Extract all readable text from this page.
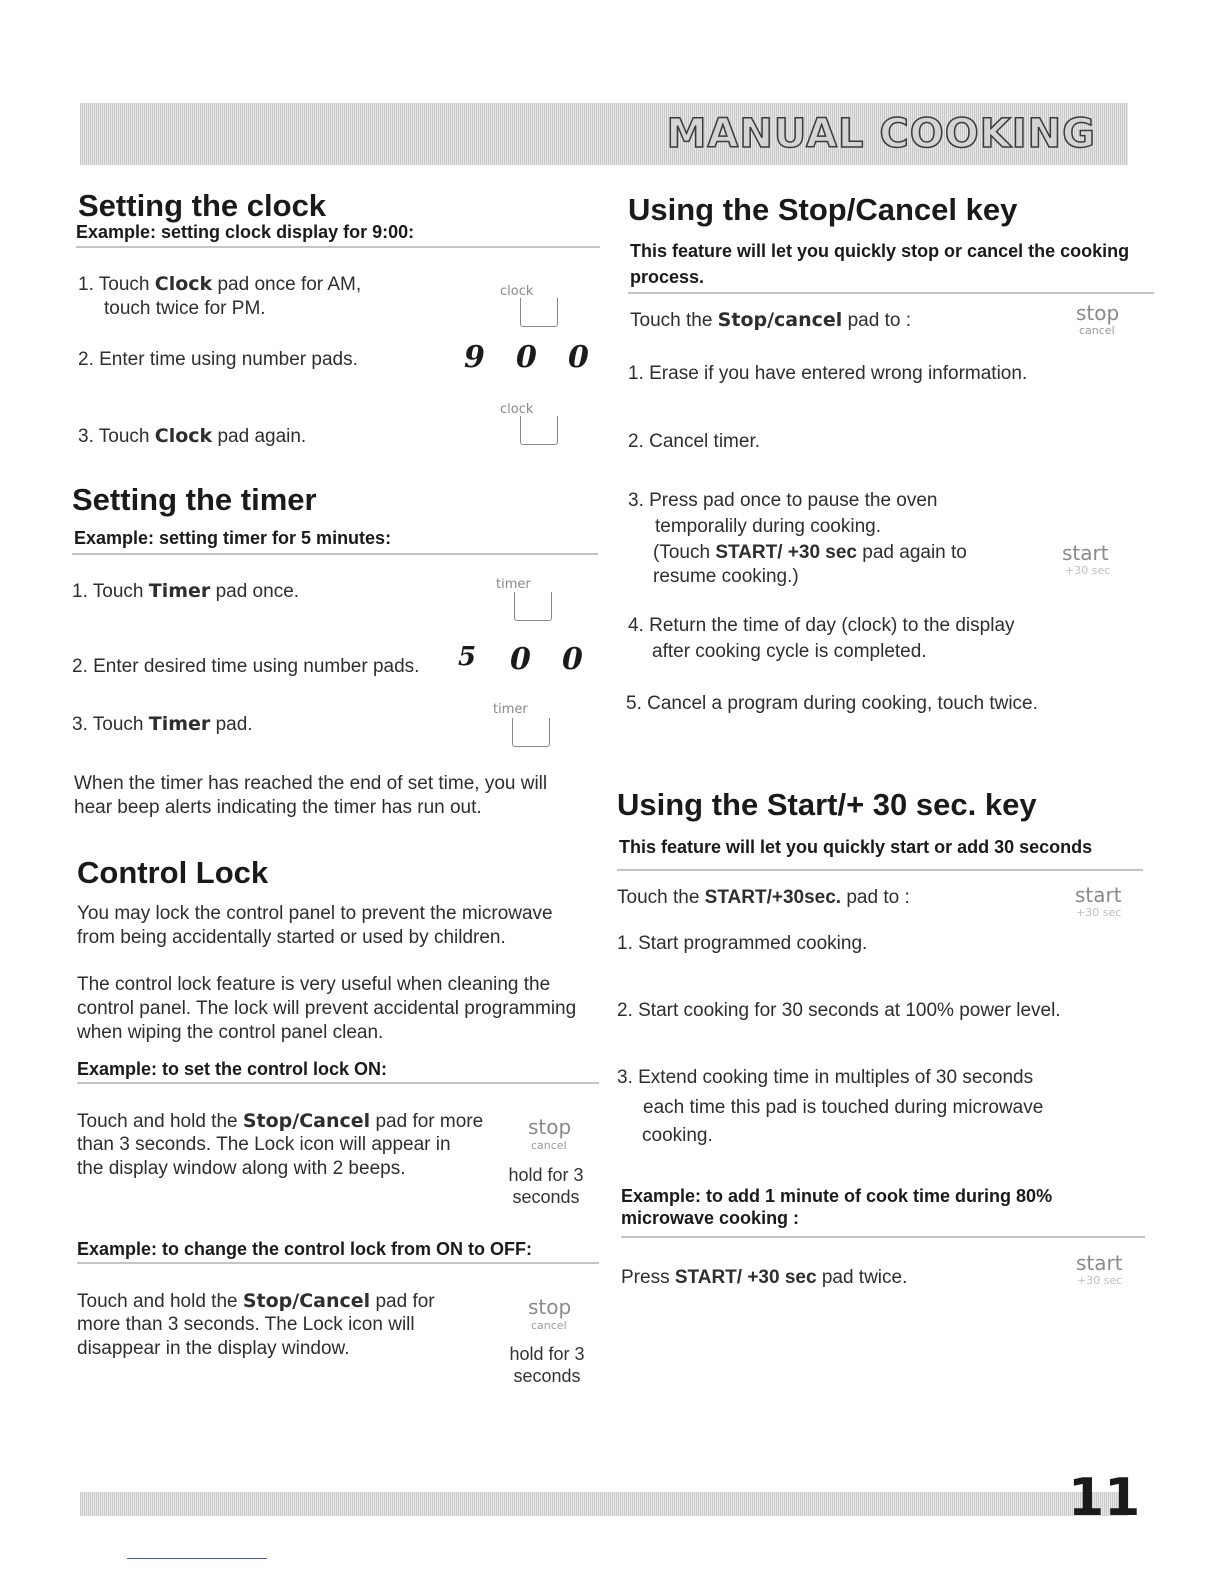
MANUAL COOKING
Setting the clock
Example: setting clock display for 9:00:
1. Touch Clock pad once for AM,
touch twice for PM.
clock
2. Enter time using number pads.	9 0 0
clock
3. Touch Clock pad again.
Setting the timer
Example: setting timer for 5 minutes:
1. Touch Timer pad once.	timer
2. Enter desired time using number pads. 5 0 0
timer
3. Touch Timer pad.
When the timer has reached the end of set time, you will
hear beep alerts indicating the timer has run out.
Control Lock
You may lock the control panel to prevent the microwave
from being accidentally started or used by children.
The control lock feature is very useful when cleaning the
control panel. The lock will prevent accidental programming
when wiping the control panel clean.
Example: to set the control lock ON:
Touch and hold the Stop/Cancel pad for more
than 3 seconds. The Lock icon will appear in
the display window along with 2 beeps.
stop
cancel
hold for 3
seconds
Example: to change the control lock from ON to OFF:
Touch and hold the Stop/Cancel pad for
more than 3 seconds. The Lock icon will
disappear in the display window.
stop
cancel
hold for 3
seconds
Using the Stop/Cancel key
This feature will let you quickly stop or cancel the cooking
process.
Touch the Stop/cancel pad to :	stop
cancel
1. Erase if you have entered wrong information.
2. Cancel timer.
3. Press pad once to pause the oven
temporalily during cooking.
(Touch START/ +30 sec pad again to
resume cooking.)
start
+30 sec
4. Return the time of day (clock) to the display
after cooking cycle is completed.
5. Cancel a program during cooking, touch twice.
Using the Start/+ 30 sec. key
This feature will let you quickly start or add 30 seconds
Touch the START/+30sec. pad to :	start
+30 sec
1. Start programmed cooking.
2. Start cooking for 30 seconds at 100% power level.
3. Extend cooking time in multiples of 30 seconds
each time this pad is touched during microwave
cooking.
Example: to add 1 minute of cook time during 80%
microwave cooking :
Press START/ +30 sec pad twice.
start
+30 sec
11
